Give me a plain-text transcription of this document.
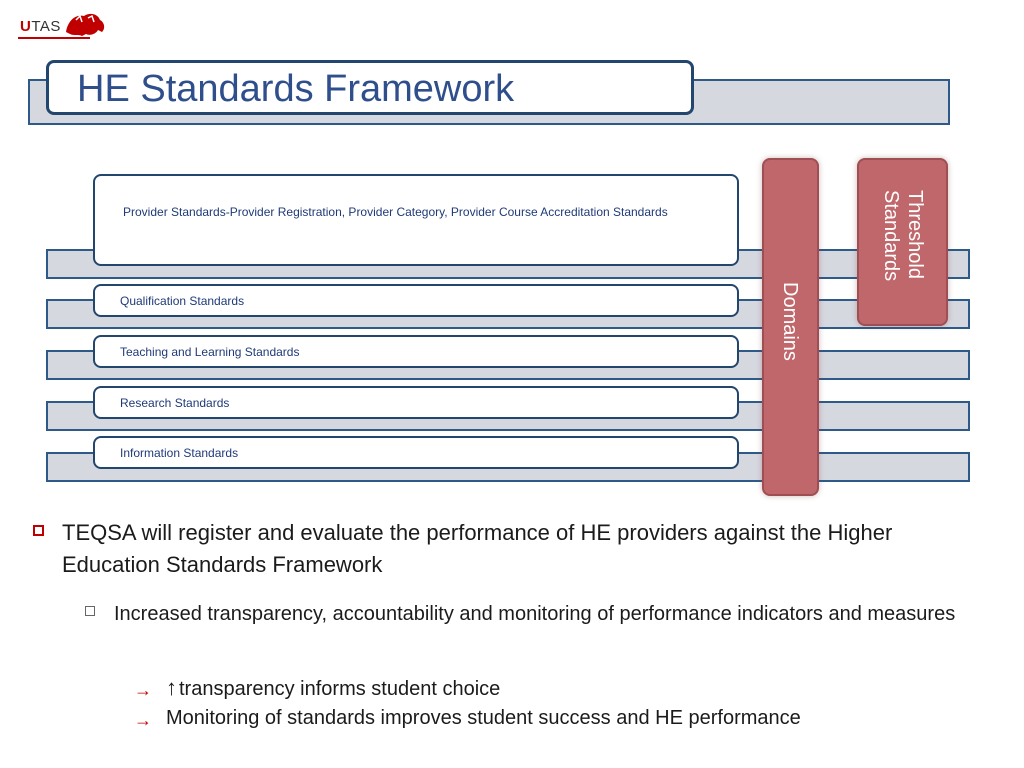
UTAS
HE Standards Framework
Provider Standards-Provider Registration, Provider Category, Provider Course Accreditation Standards
Qualification Standards
Teaching and Learning Standards
Research Standards
Information Standards
Domains
Threshold Standards
TEQSA will register and evaluate the performance of HE providers against the Higher Education Standards Framework
Increased transparency, accountability and monitoring of performance indicators and measures
→ ↑ transparency informs student choice
→ Monitoring of standards improves student success and HE performance
